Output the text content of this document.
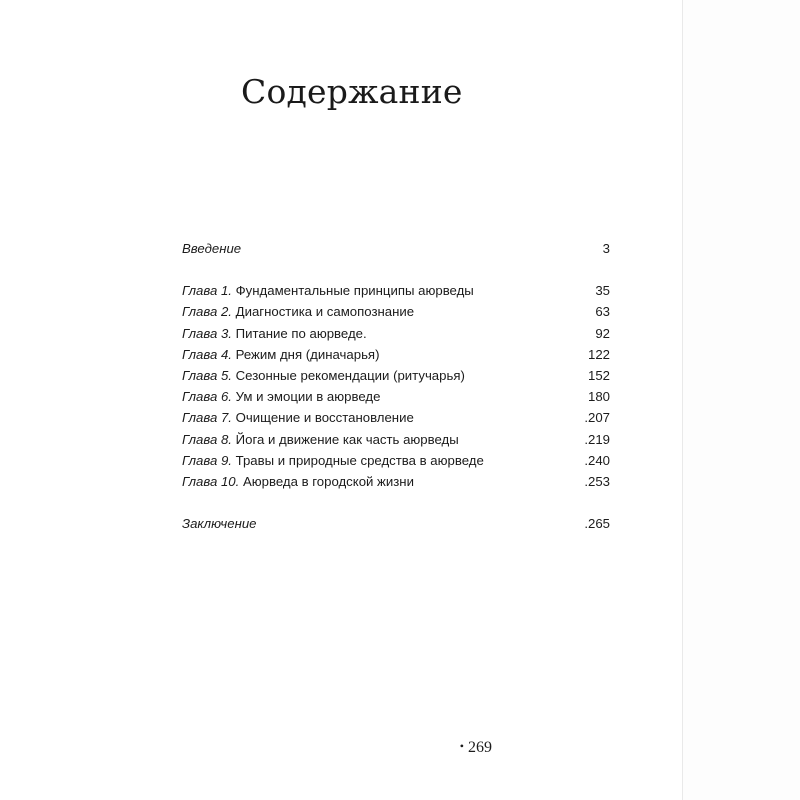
Содержание
Введение	3
Глава 1. Фундаментальные принципы аюрведы	35
Глава 2. Диагностика и самопознание	63
Глава 3. Питание по аюрведе.	92
Глава 4. Режим дня (диначарья)	122
Глава 5. Сезонные рекомендации (ритучарья)	152
Глава 6. Ум и эмоции в аюрведе	180
Глава 7. Очищение и восстановление	.207
Глава 8. Йога и движение как часть аюрведы	.219
Глава 9. Травы и природные средства в аюрведе	.240
Глава 10. Аюрведа в городской жизни	.253
Заключение	.265
• 269
